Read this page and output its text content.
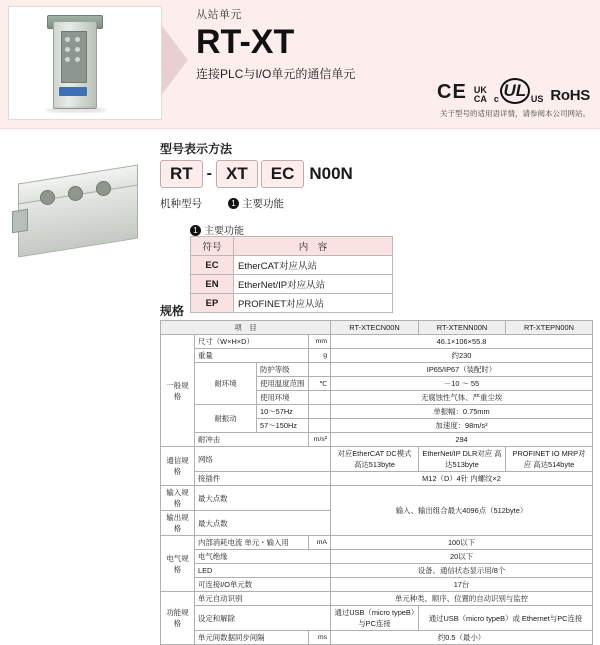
从站单元
RT-XT
连接PLC与I/O单元的通信单元
CE UK
CA c UL US RoHS
关于型号的适用语详情，请参阅本公司网站。
型号表示方法
RT - XT	EC N00N
机种型号	1 主要功能
1 主要功能
符号	内　容
EC	EtherCAT对应从站
EN	EtherNet/IP对应从站
EP	PROFINET对应从站
规格
项　目				RT-XTECN00N	RT-XTENN00N	RT-XTEPN00N
一般规格	尺寸（W×H×D）		mm	46.1×106×55.8		
	重量		g	约230		
	耐环境	防护等级		IP65/IP67（装配时）		
		使用温度范围	℃	－10 ～ 55		
		使用环境		无腐蚀性气体、严重尘埃		
	耐振动	10～57Hz		单振幅：0.75mm		
		57～150Hz		加速度：98m/s²		
	耐冲击		m/s²	294		
通信规格	网络			对应EtherCAT DC模式 高达513byte	EtherNet/IP DLR对应 高达513byte	PROFINET IO MRP对应 高达514byte
	接插件			M12（D）4针 内螺纹×2		
输入规格	最大点数			输入、输出组合最大4096点（512byte）		
输出规格	最大点数					
电气规格	内部消耗电流 单元・输入用		mA	100以下		
	电气绝缘			20以下		
	LED			设备、通信状态显示用/8个		
	可连接I/O单元数			17台		
功能规格	单元自动识别			单元种类、顺序、位置的自动识别与监控		
	设定和解除			通过USB（micro typeB）与PC连接	通过USB（micro typeB）或 Ethernet与PC连接	
	单元间数据同步间隔		ms	约0.5（最小）		
